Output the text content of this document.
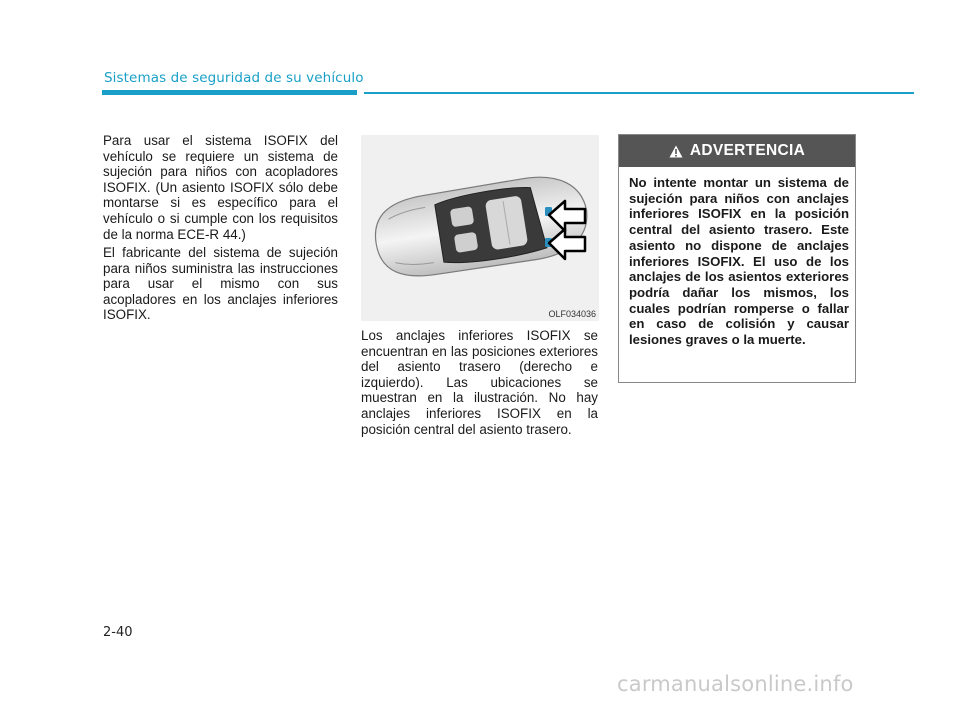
Sistemas de seguridad de su vehículo

Para usar el sistema ISOFIX del vehículo se requiere un sistema de sujeción para niños con acopladores ISOFIX. (Un asiento ISOFIX sólo debe montarse si es específico para el vehículo o si cumple con los requisitos de la norma ECE-R 44.)

El fabricante del sistema de sujeción para niños suministra las instrucciones para usar el mismo con sus acopladores en los anclajes inferiores ISOFIX.	OLF034036

Los anclajes inferiores ISOFIX se encuentran en las posiciones exteriores del asiento trasero (derecho e izquierdo). Las ubicaciones se muestran en la ilustración. No hay anclajes inferiores ISOFIX en la posición central del asiento trasero.

ADVERTENCIA

No intente montar un sistema de sujeción para niños con anclajes inferiores ISOFIX en la posición central del asiento trasero. Este asiento no dispone de anclajes inferiores ISOFIX. El uso de los anclajes de los asientos exteriores podría dañar los mismos, los cuales podrían romperse o fallar en caso de colisión y causar lesiones graves o la muerte.

2-40
carmanualsonline.info
